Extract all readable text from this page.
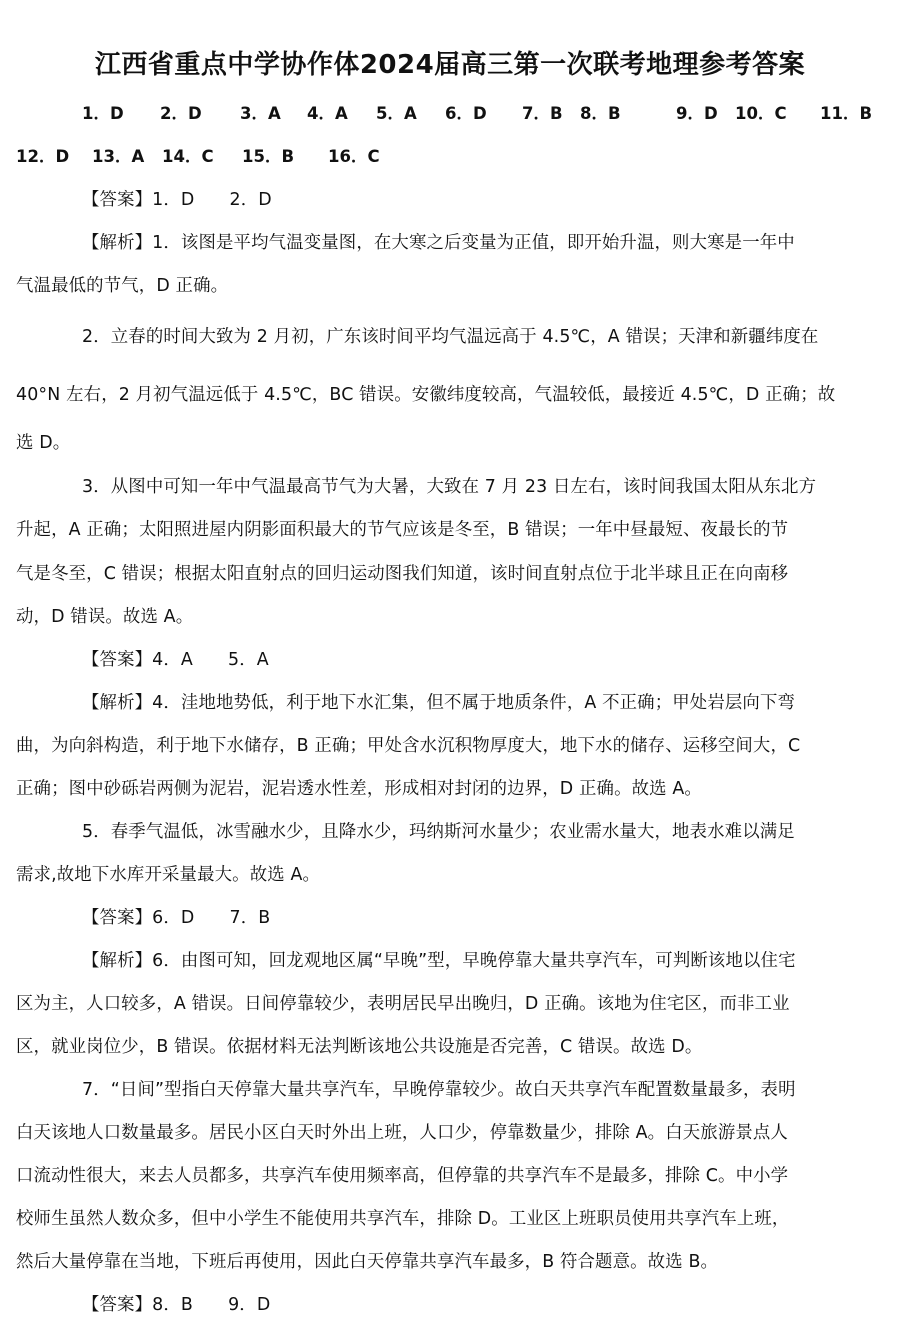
江西省重点中学协作体2024届高三第一次联考地理参考答案
1．D 2．D 3．A 4．A 5．A 6．D 7．B 8．B	9．D 10．C 11．B
12．D 13．A 14．C 15．B 16．C
【答案】1．D　　2．D
【解析】1．该图是平均气温变量图，在大寒之后变量为正值，即开始升温，则大寒是一年中
气温最低的节气，D 正确。
2．立春的时间大致为 2 月初，广东该时间平均气温远高于 4.5℃，A 错误；天津和新疆纬度在
40°N 左右，2 月初气温远低于 4.5℃，BC 错误。安徽纬度较高，气温较低，最接近 4.5℃，D 正确；故
选 D。
3．从图中可知一年中气温最高节气为大暑，大致在 7 月 23 日左右，该时间我国太阳从东北方
升起，A 正确；太阳照进屋内阴影面积最大的节气应该是冬至，B 错误；一年中昼最短、夜最长的节
气是冬至，C 错误；根据太阳直射点的回归运动图我们知道，该时间直射点位于北半球且正在向南移
动，D 错误。故选 A。
【答案】4．A　　5．A
【解析】4．洼地地势低，利于地下水汇集，但不属于地质条件，A 不正确；甲处岩层向下弯
曲，为向斜构造，利于地下水储存，B 正确；甲处含水沉积物厚度大，地下水的储存、运移空间大，C
正确；图中砂砾岩两侧为泥岩，泥岩透水性差，形成相对封闭的边界，D 正确。故选 A。
5．春季气温低，冰雪融水少，且降水少，玛纳斯河水量少；农业需水量大，地表水难以满足
需求,故地下水库开采量最大。故选 A。
【答案】6．D　　7．B
【解析】6．由图可知，回龙观地区属“早晚”型，早晚停靠大量共享汽车，可判断该地以住宅
区为主，人口较多，A 错误。日间停靠较少，表明居民早出晚归，D 正确。该地为住宅区，而非工业
区，就业岗位少，B 错误。依据材料无法判断该地公共设施是否完善，C 错误。故选 D。
7．“日间”型指白天停靠大量共享汽车，早晚停靠较少。故白天共享汽车配置数量最多，表明
白天该地人口数量最多。居民小区白天时外出上班，人口少，停靠数量少，排除 A。白天旅游景点人
口流动性很大，来去人员都多，共享汽车使用频率高，但停靠的共享汽车不是最多，排除 C。中小学
校师生虽然人数众多，但中小学生不能使用共享汽车，排除 D。工业区上班职员使用共享汽车上班，
然后大量停靠在当地，下班后再使用，因此白天停靠共享汽车最多，B 符合题意。故选 B。
【答案】8．B　　9．D
